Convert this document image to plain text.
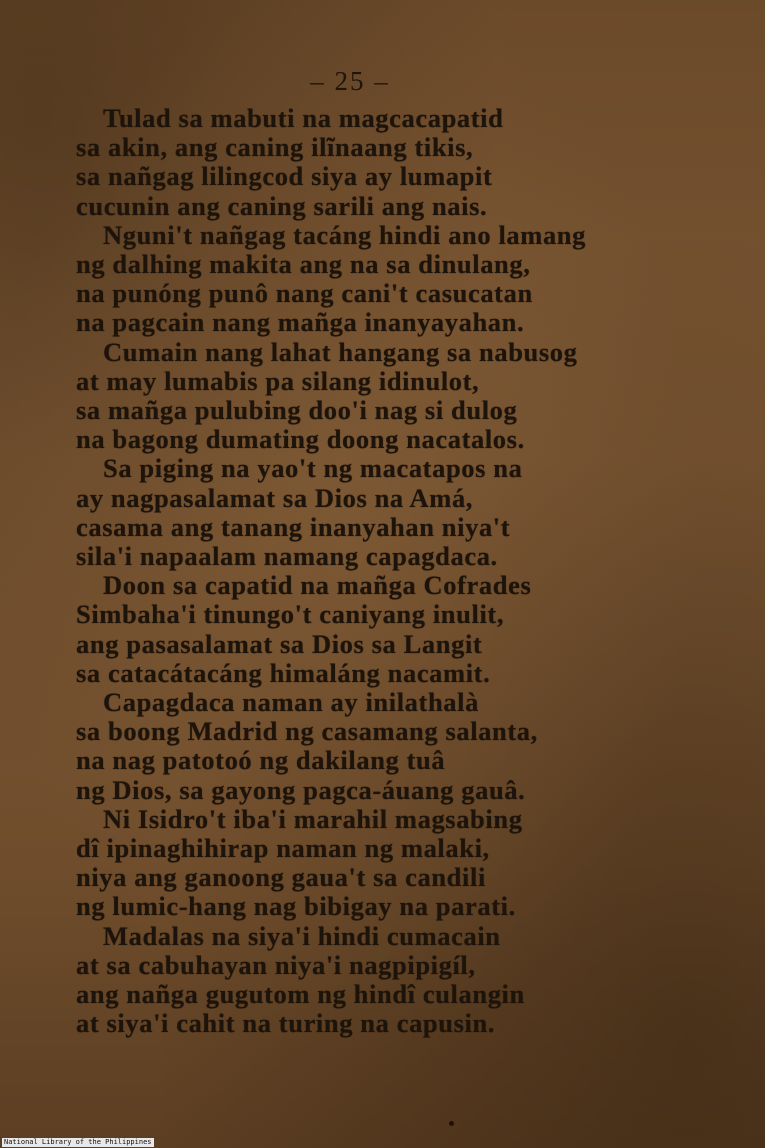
– 25 –
Tulad sa mabuti na magcacapatid
sa akin, ang caning ilĩnaang tikis,
sa nañgag lilingcod siya ay lumapit
cucunin ang caning sarili ang nais.
Nguni't nañgag tacáng hindi ano lamang
ng dalhing makita ang na sa dinulang,
na punóng punô nang cani't casucatan
na pagcain nang mañga inanyayahan.
Cumain nang lahat hangang sa nabusog
at may lumabis pa silang idinulot,
sa mañga pulubing doo'i nag si dulog
na bagong dumating doong nacatalos.
Sa piging na yao't ng macatapos na
ay nagpasalamat sa Dios na Amá,
casama ang tanang inanyahan niya't
sila'i napaalam namang capagdaca.
Doon sa capatid na mañga Cofrades
Simbaha'i tinungo't caniyang inulit,
ang pasasalamat sa Dios sa Langit
sa catacátacáng himaláng nacamit.
Capagdaca naman ay inilathalà
sa boong Madrid ng casamang salanta,
na nag patotoó ng dakilang tuâ
ng Dios, sa gayong pagca-áuang gauâ.
Ni Isidro't iba'i marahil magsabing
dî ipinaghihirap naman ng malaki,
niya ang ganoong gaua't sa candili
ng lumic-hang nag bibigay na parati.
Madalas na siya'i hindi cumacain
at sa cabuhayan niya'i nagpipigíl,
ang nañga gugutom ng hindî culangin
at siya'i cahit na turing na capusin.
National Library of the Philippines
